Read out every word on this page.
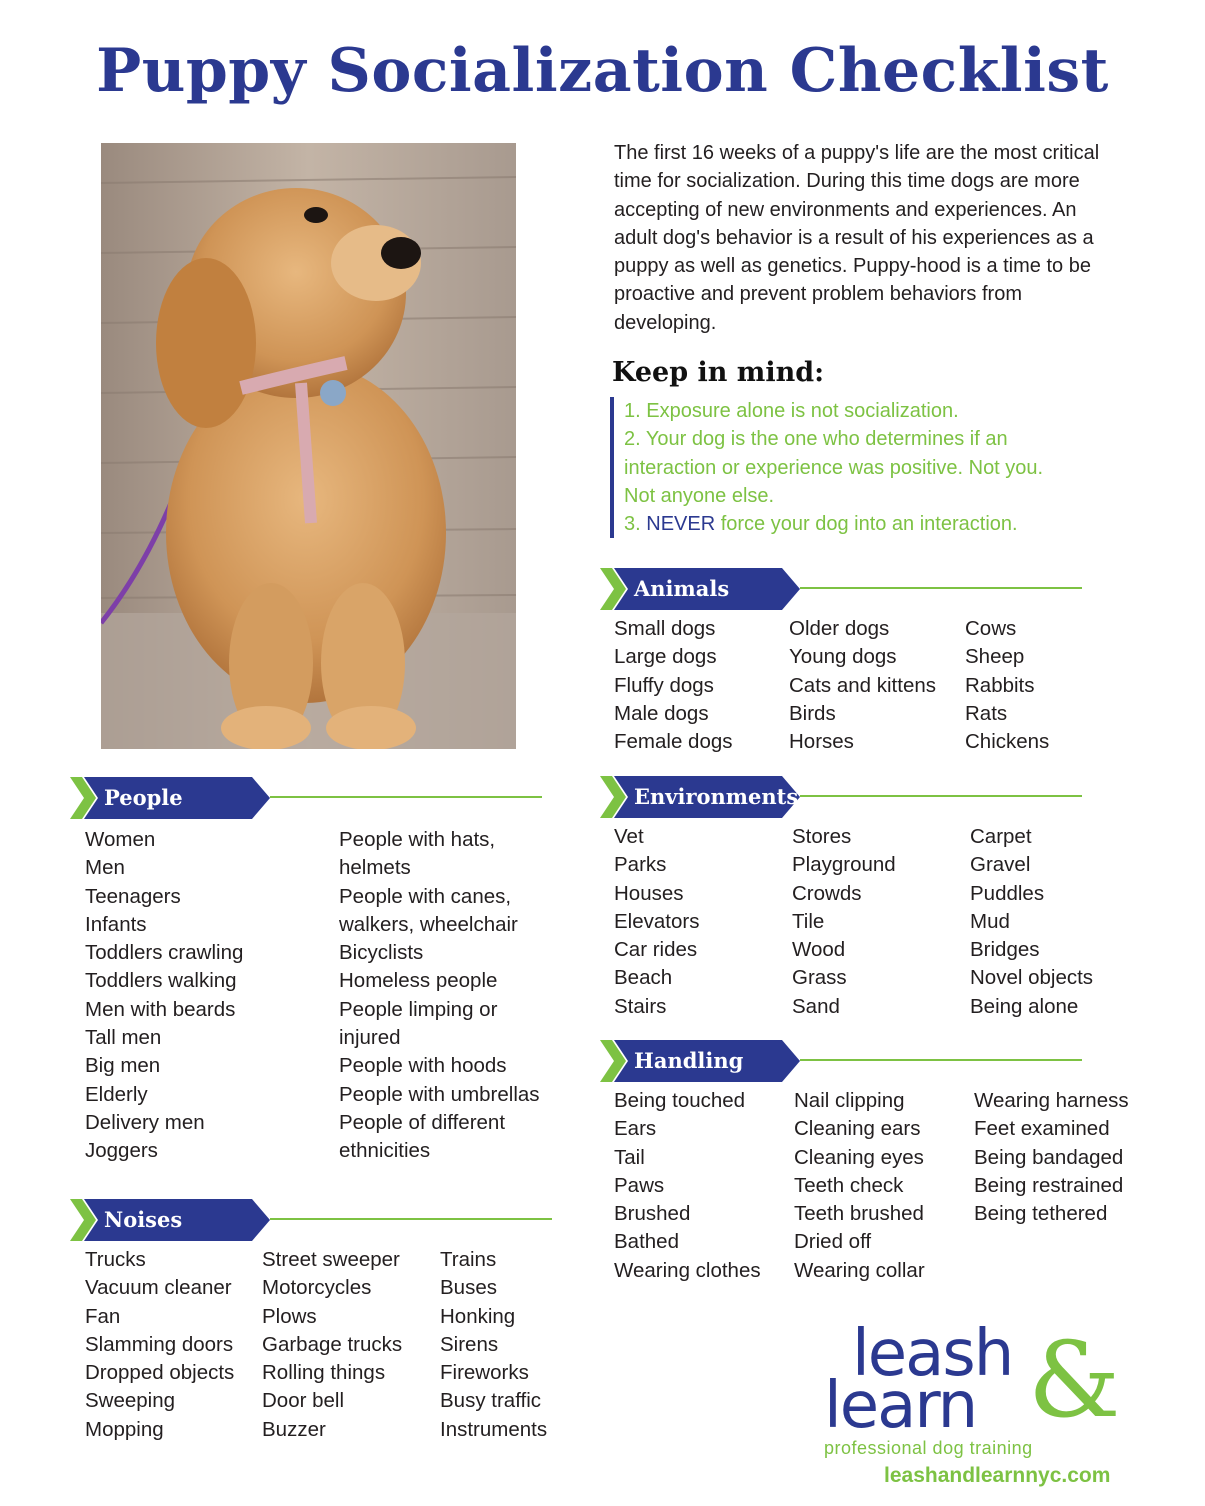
Puppy Socialization Checklist

The first 16 weeks of a puppy's life are the most critical time for socialization. During this time dogs are more accepting of new environments and experiences. An adult dog's behavior is a result of his experiences as a puppy as well as genetics. Puppy-hood is a time to be proactive and prevent problem behaviors from developing.

Keep in mind:
1. Exposure alone is not socialization.
2. Your dog is the one who determines if an interaction or experience was positive. Not you. Not anyone else.
3. NEVER force your dog into an interaction.
Animals
Small dogs
Large dogs
Fluffy dogs
Male dogs
Female dogs
Older dogs
Young dogs
Cats and kittens
Birds
Horses
Cows
Sheep
Rabbits
Rats
Chickens
People
Women
Men
Teenagers
Infants
Toddlers crawling
Toddlers walking
Men with beards
Tall men
Big men
Elderly
Delivery men
Joggers
People with hats,
helmets
People with canes,
walkers, wheelchair
Bicyclists
Homeless people
People limping or
injured
People with hoods
People with umbrellas
People of different
ethnicities
Environments
Vet
Parks
Houses
Elevators
Car rides
Beach
Stairs
Stores
Playground
Crowds
Tile
Wood
Grass
Sand
Carpet
Gravel
Puddles
Mud
Bridges
Novel objects
Being alone
Handling
Being touched
Ears
Tail
Paws
Brushed
Bathed
Wearing clothes
Nail clipping
Cleaning ears
Cleaning eyes
Teeth check
Teeth brushed
Dried off
Wearing collar
Wearing harness
Feet examined
Being bandaged
Being restrained
Being tethered
Noises
Trucks
Vacuum cleaner
Fan
Slamming doors
Dropped objects
Sweeping
Mopping
Street sweeper
Motorcycles
Plows
Garbage trucks
Rolling things
Door bell
Buzzer
Trains
Buses
Honking
Sirens
Fireworks
Busy traffic
Instruments
leash &
learn
professional dog training
leashandlearnnyc.com
